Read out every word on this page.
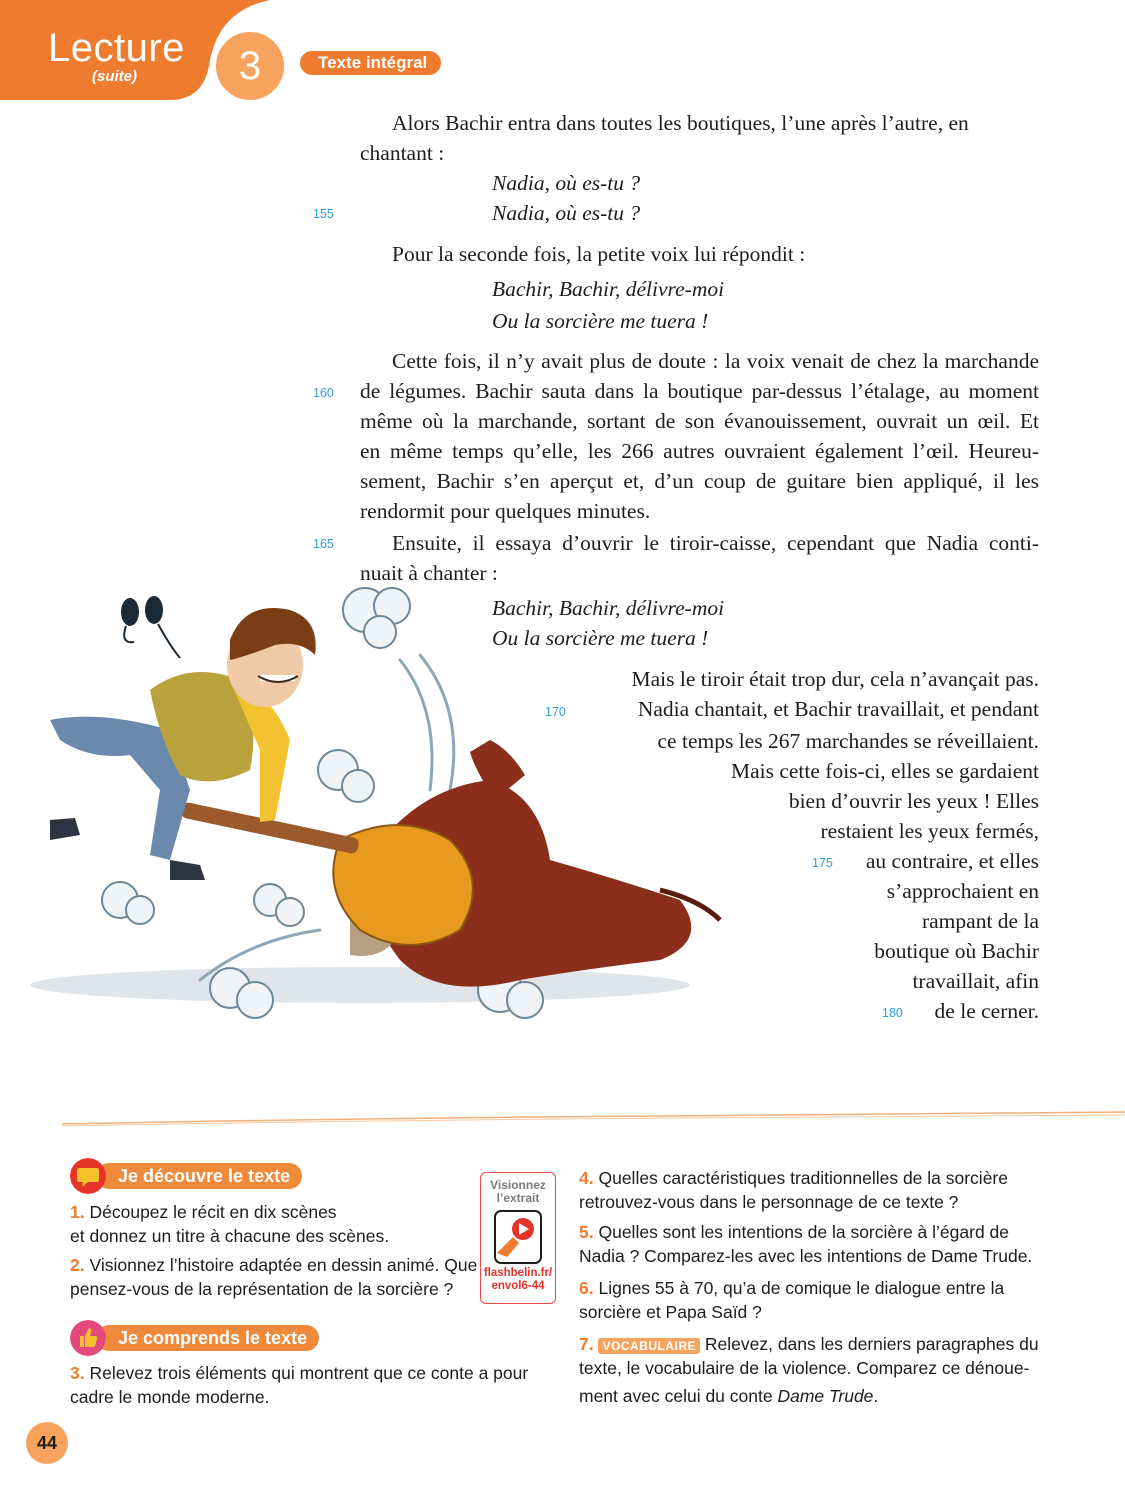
Lecture
(suite)	3	Texte intégral
Alors Bachir entra dans toutes les boutiques, l’une après l’autre, en
chantant :
Nadia, où es-tu ?
Nadia, où es-tu ?
155
Pour la seconde fois, la petite voix lui répondit :
Bachir, Bachir, délivre-moi
Ou la sorcière me tuera !
Cette fois, il n’y avait plus de doute : la voix venait de chez la marchande
de légumes. Bachir sauta dans la boutique par-dessus l’étalage, au moment
160
même où la marchande, sortant de son évanouissement, ouvrait un œil. Et
en même temps qu’elle, les 266 autres ouvraient également l’œil. Heureu-
sement, Bachir s’en aperçut et, d’un coup de guitare bien appliqué, il les
rendormit pour quelques minutes.
Ensuite, il essaya d’ouvrir le tiroir-caisse, cependant que Nadia conti-
165
nuait à chanter :
Bachir, Bachir, délivre-moi
Ou la sorcière me tuera !
Mais le tiroir était trop dur, cela n’avançait pas.
Nadia chantait, et Bachir travaillait, et pendant
170
ce temps les 267 marchandes se réveillaient.
Mais cette fois-ci, elles se gardaient
bien d’ouvrir les yeux ! Elles
restaient les yeux fermés,
au contraire, et elles
175
s’approchaient en
rampant de la
boutique où Bachir
travaillait, afin
de le cerner.
180
Je découvre le texte
1. Découpez le récit en dix scènes
et donnez un titre à chacune des scènes.
2. Visionnez l’histoire adaptée en dessin animé. Que
pensez-vous de la représentation de la sorcière ?
Je comprends le texte
3. Relevez trois éléments qui montrent que ce conte a pour
cadre le monde moderne.
Visionnez
l’extrait
flashbelin.fr/
envol6-44
4. Quelles caractéristiques traditionnelles de la sorcière
retrouvez-vous dans le personnage de ce texte ?
5. Quelles sont les intentions de la sorcière à l’égard de
Nadia ? Comparez-les avec les intentions de Dame Trude.
6. Lignes 55 à 70, qu’a de comique le dialogue entre la
sorcière et Papa Saïd ?
7. VOCABULAIRE Relevez, dans les derniers paragraphes du
texte, le vocabulaire de la violence. Comparez ce dénoue-
ment avec celui du conte Dame Trude.
44
